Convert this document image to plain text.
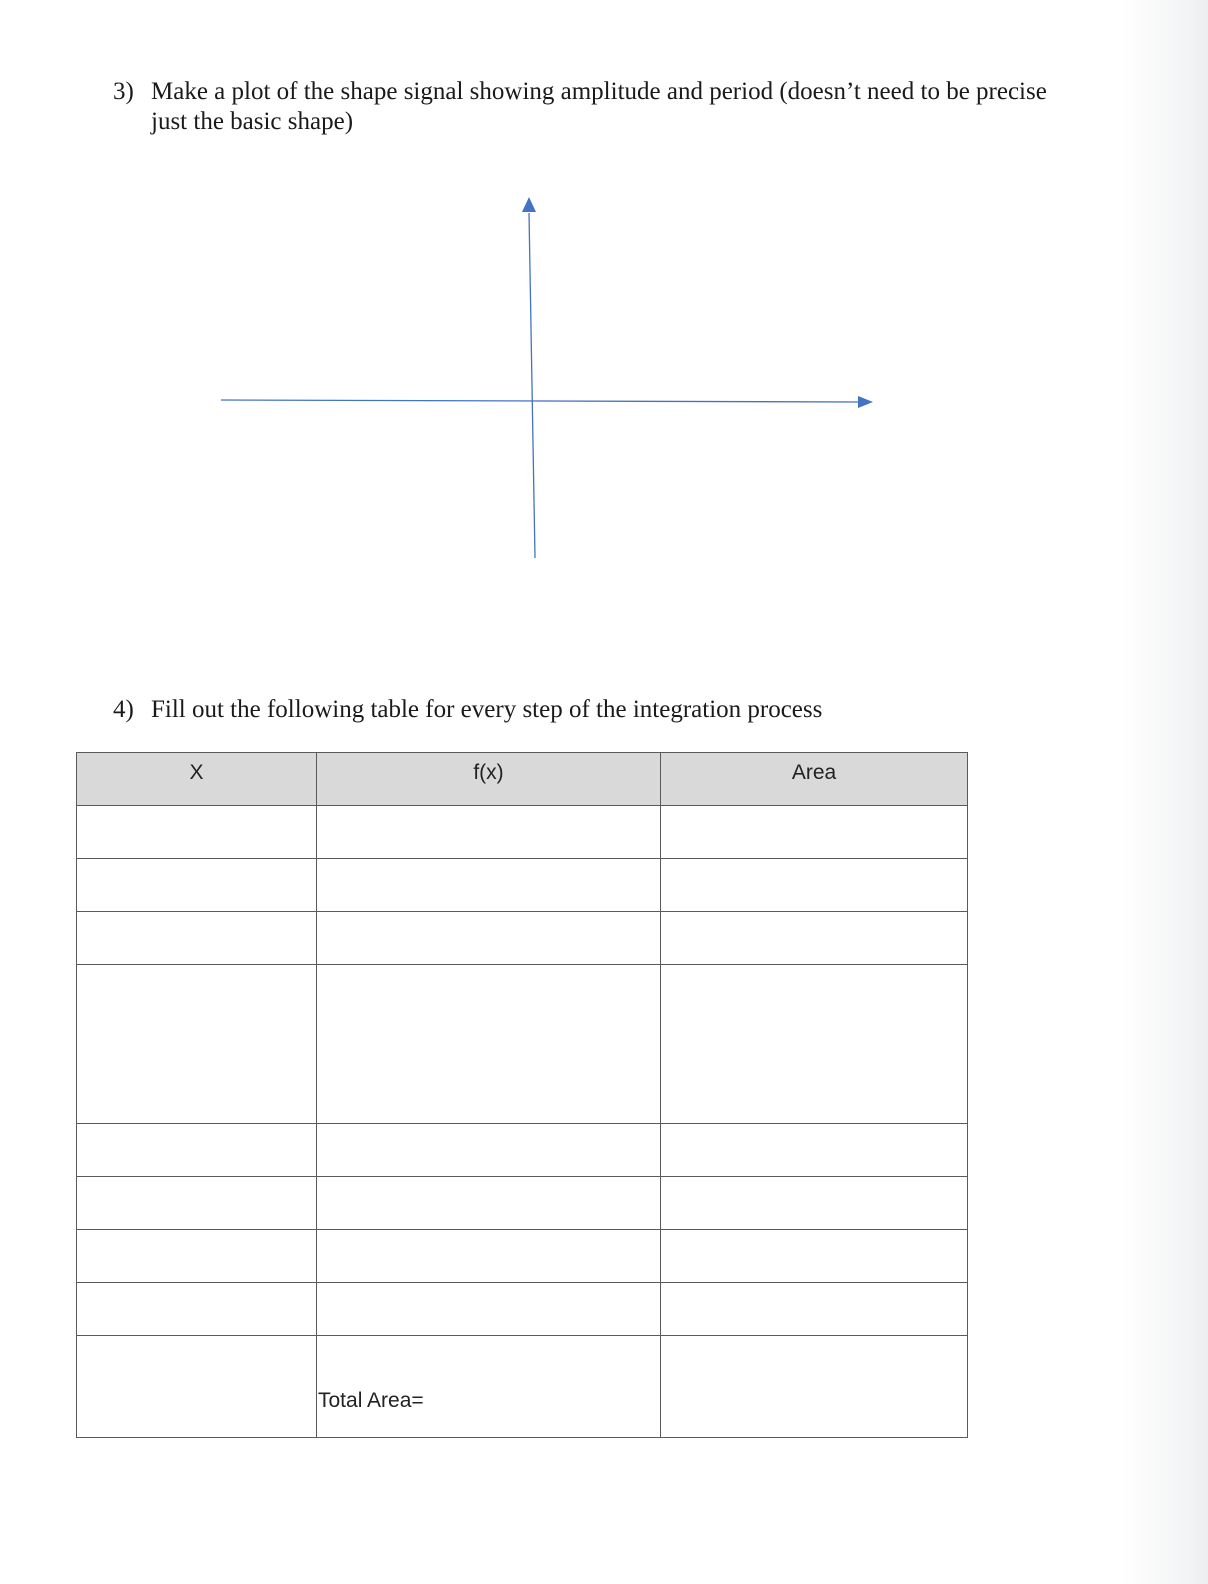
3) Make a plot of the shape signal showing amplitude and period (doesn’t need to be precise
just the basic shape)
4) Fill out the following table for every step of the integration process
X	f(x)	Area

	Total Area=	
